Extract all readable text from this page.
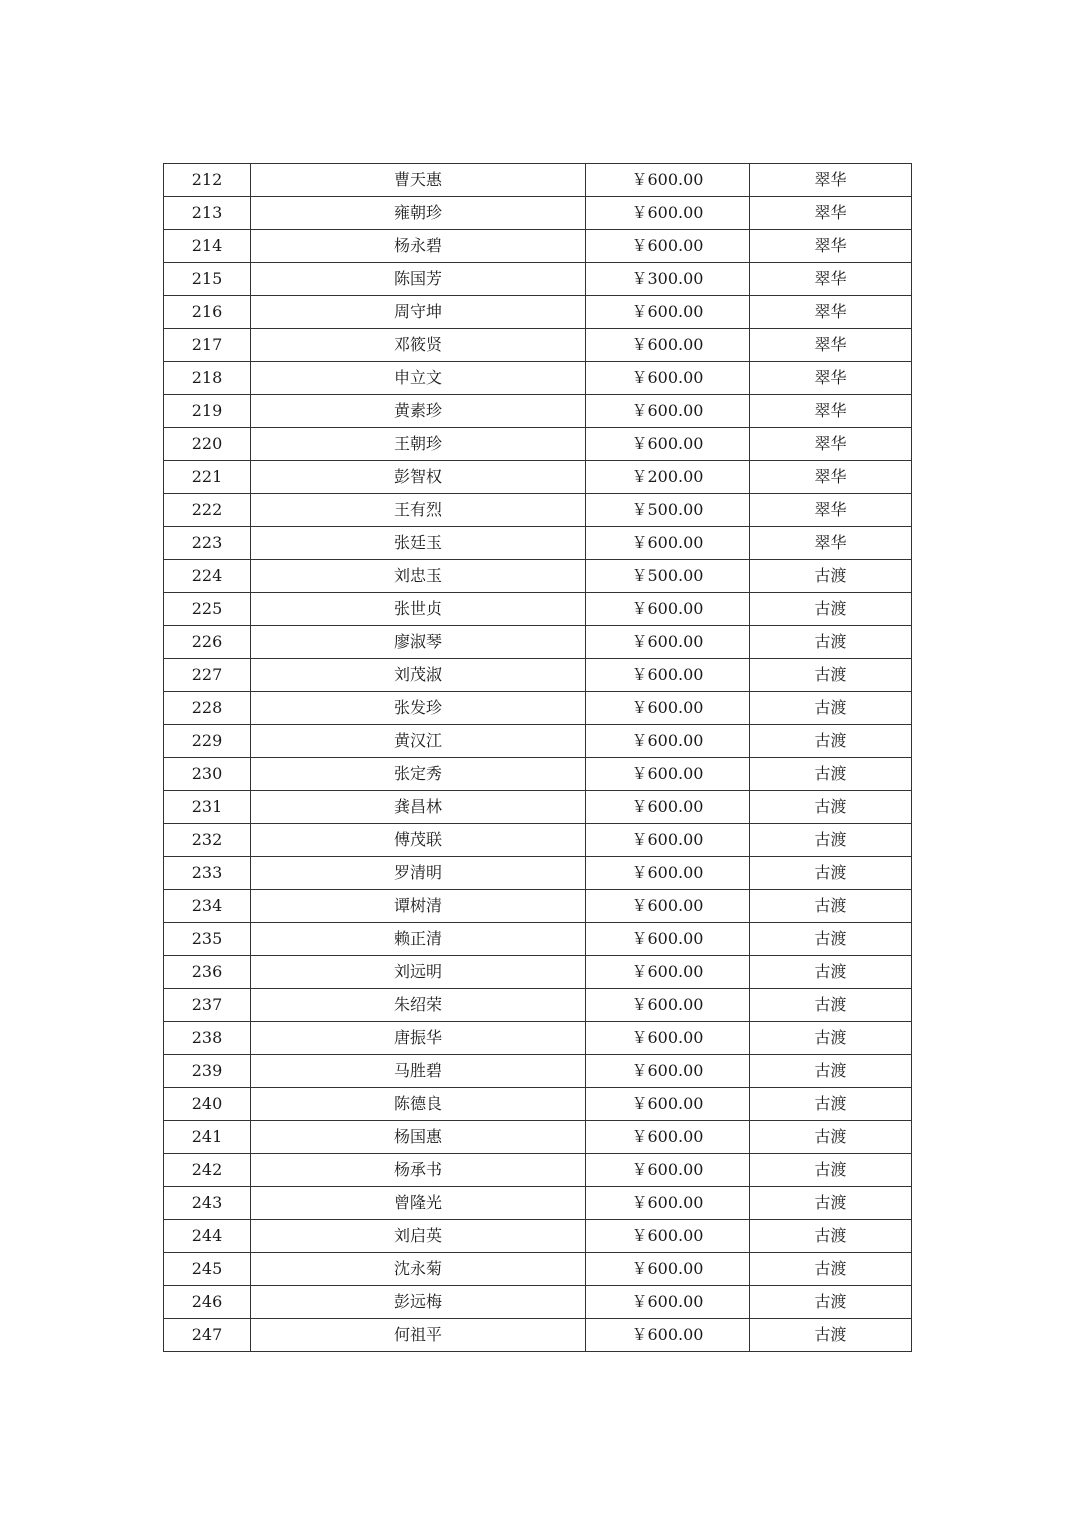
212	曹天惠	￥600.00	翠华
213	雍朝珍	￥600.00	翠华
214	杨永碧	￥600.00	翠华
215	陈国芳	￥300.00	翠华
216	周守坤	￥600.00	翠华
217	邓筱贤	￥600.00	翠华
218	申立文	￥600.00	翠华
219	黄素珍	￥600.00	翠华
220	王朝珍	￥600.00	翠华
221	彭智权	￥200.00	翠华
222	王有烈	￥500.00	翠华
223	张廷玉	￥600.00	翠华
224	刘忠玉	￥500.00	古渡
225	张世贞	￥600.00	古渡
226	廖淑琴	￥600.00	古渡
227	刘茂淑	￥600.00	古渡
228	张发珍	￥600.00	古渡
229	黄汉江	￥600.00	古渡
230	张定秀	￥600.00	古渡
231	龚昌林	￥600.00	古渡
232	傅茂联	￥600.00	古渡
233	罗清明	￥600.00	古渡
234	谭树清	￥600.00	古渡
235	赖正清	￥600.00	古渡
236	刘远明	￥600.00	古渡
237	朱绍荣	￥600.00	古渡
238	唐振华	￥600.00	古渡
239	马胜碧	￥600.00	古渡
240	陈德良	￥600.00	古渡
241	杨国惠	￥600.00	古渡
242	杨承书	￥600.00	古渡
243	曾隆光	￥600.00	古渡
244	刘启英	￥600.00	古渡
245	沈永菊	￥600.00	古渡
246	彭远梅	￥600.00	古渡
247	何祖平	￥600.00	古渡
